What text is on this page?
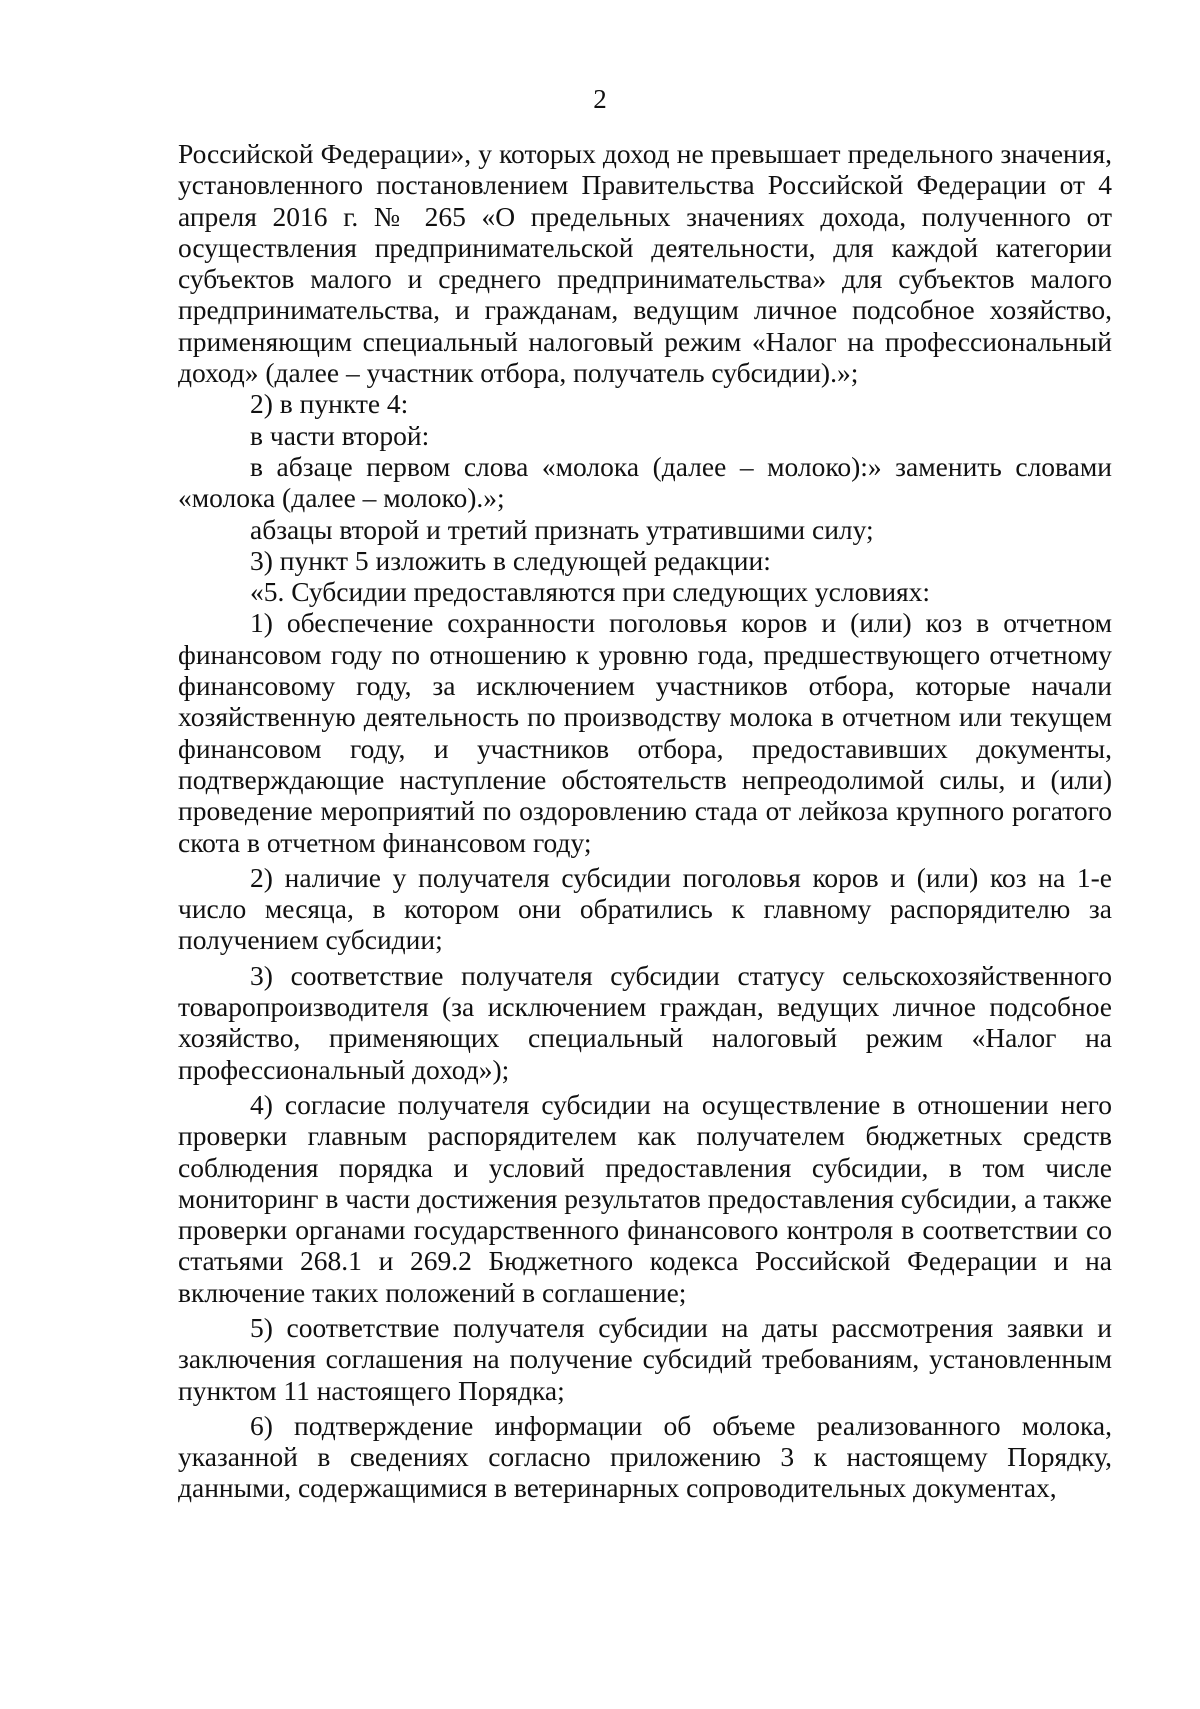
2

Российской Федерации», у которых доход не превышает предельного значения, установленного постановлением Правительства Российской Федерации от 4 апреля 2016 г. № 265 «О предельных значениях дохода, полученного от осуществления предпринимательской деятельности, для каждой категории субъектов малого и среднего предпринимательства» для субъектов малого предпринимательства, и гражданам, ведущим личное подсобное хозяйство, применяющим специальный налоговый режим «Налог на профессиональный доход» (далее – участник отбора, получатель субсидии).»;

2) в пункте 4:

в части второй:

в абзаце первом слова «молока (далее – молоко):» заменить словами «молока (далее – молоко).»;

абзацы второй и третий признать утратившими силу;

3) пункт 5 изложить в следующей редакции:

«5. Субсидии предоставляются при следующих условиях:

1) обеспечение сохранности поголовья коров и (или) коз в отчетном финансовом году по отношению к уровню года, предшествующего отчетному финансовому году, за исключением участников отбора, которые начали хозяйственную деятельность по производству молока в отчетном или текущем финансовом году, и участников отбора, предоставивших документы, подтверждающие наступление обстоятельств непреодолимой силы, и (или) проведение мероприятий по оздоровлению стада от лейкоза крупного рогатого скота в отчетном финансовом году;

2) наличие у получателя субсидии поголовья коров и (или) коз на 1-е число месяца, в котором они обратились к главному распорядителю за получением субсидии;

3) соответствие получателя субсидии статусу сельскохозяйственного товаропроизводителя (за исключением граждан, ведущих личное подсобное хозяйство, применяющих специальный налоговый режим «Налог на профессиональный доход»);

4) согласие получателя субсидии на осуществление в отношении него проверки главным распорядителем как получателем бюджетных средств соблюдения порядка и условий предоставления субсидии, в том числе мониторинг в части достижения результатов предоставления субсидии, а также проверки органами государственного финансового контроля в соответствии со статьями 268.1 и 269.2 Бюджетного кодекса Российской Федерации и на включение таких положений в соглашение;

5) соответствие получателя субсидии на даты рассмотрения заявки и заключения соглашения на получение субсидий требованиям, установленным пунктом 11 настоящего Порядка;

6) подтверждение информации об объеме реализованного молока, указанной в сведениях согласно приложению 3 к настоящему Порядку, данными, содержащимися в ветеринарных сопроводительных документах,
